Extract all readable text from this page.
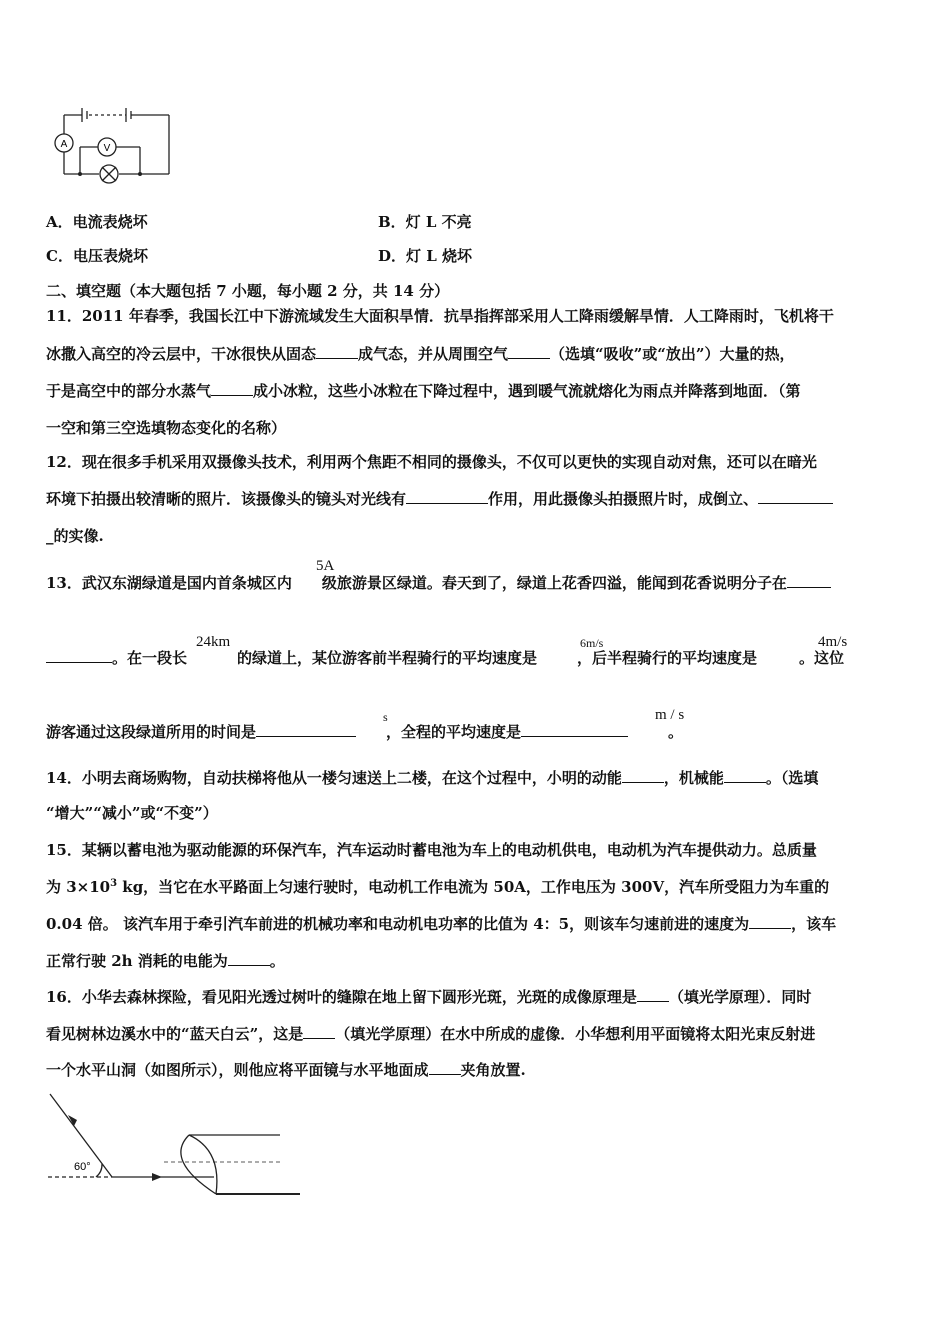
A	V
A．电流表烧坏	B．灯 L 不亮
C．电压表烧坏	D．灯 L 烧坏
二、填空题（本大题包括 7 小题，每小题 2 分，共 14 分）
11．2011 年春季，我国长江中下游流域发生大面积旱情．抗旱指挥部采用人工降雨缓解旱情．人工降雨时，飞机将干
冰撒入高空的冷云层中，干冰很快从固态	成气态，并从周围空气	（选填“吸收”或“放出”）大量的热，
于是高空中的部分水蒸气	成小冰粒，这些小冰粒在下降过程中，遇到暖气流就熔化为雨点并降落到地面．（第
一空和第三空选填物态变化的名称）
12．现在很多手机采用双摄像头技术，利用两个焦距不相同的摄像头，不仅可以更快的实现自动对焦，还可以在暗光
环境下拍摄出较清晰的照片．该摄像头的镜头对光线有	作用，用此摄像头拍摄照片时，成倒立、
_的实像.
13．武汉东湖绿道是国内首条城区内 级旅游景区绿道。春天到了，绿道上花香四溢，能闻到花香说明分子在
5A
。在一段长	的绿道上，某位游客前半程骑行的平均速度是	，后半程骑行的平均速度是	。这位
24km	6m/s	4m/s
游客通过这段绿道所用的时间是	，全程的平均速度是	。
s	m / s
14．小明去商场购物，自动扶梯将他从一楼匀速送上二楼，在这个过程中，小明的动能	，机械能	。（选填
“增大”“减小”或“不变”）
15．某辆以蓄电池为驱动能源的环保汽车，汽车运动时蓄电池为车上的电动机供电，电动机为汽车提供动力。总质量
为 $3\times 10^3$ kg，当它在水平路面上匀速行驶时，电动机工作电流为 50A，工作电压为 300V，汽车所受阻力为车重的
0.04 倍。 该汽车用于牵引汽车前进的机械功率和电动机电功率的比值为 4：5，则该车匀速前进的速度为	，该车
正常行驶 2h 消耗的电能为	。
16．小华去森林探险，看见阳光透过树叶的缝隙在地上留下圆形光斑，光斑的成像原理是 （填光学原理）．同时
看见树林边溪水中的“蓝天白云”，这是 （填光学原理）在水中所成的虚像．小华想利用平面镜将太阳光束反射进
一个水平山洞（如图所示），则他应将平面镜与水平地面成 夹角放置.
60°
